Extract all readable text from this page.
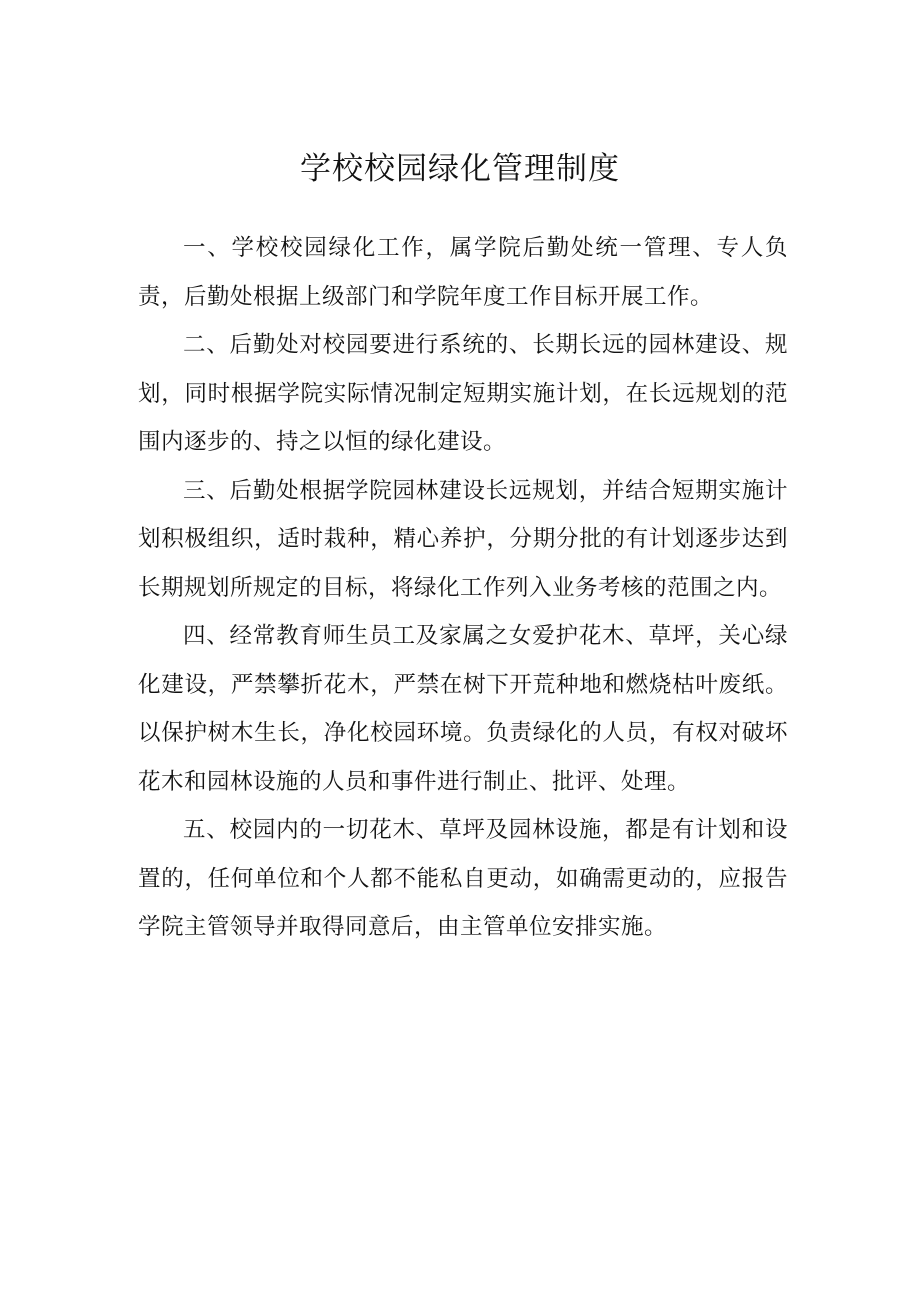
学校校园绿化管理制度

一、学校校园绿化工作，属学院后勤处统一管理、专人负责，后勤处根据上级部门和学院年度工作目标开展工作。

二、后勤处对校园要进行系统的、长期长远的园林建设、规划，同时根据学院实际情况制定短期实施计划，在长远规划的范围内逐步的、持之以恒的绿化建设。

三、后勤处根据学院园林建设长远规划，并结合短期实施计划积极组织，适时栽种，精心养护，分期分批的有计划逐步达到长期规划所规定的目标，将绿化工作列入业务考核的范围之内。

四、经常教育师生员工及家属之女爱护花木、草坪，关心绿化建设，严禁攀折花木，严禁在树下开荒种地和燃烧枯叶废纸。以保护树木生长，净化校园环境。负责绿化的人员，有权对破坏花木和园林设施的人员和事件进行制止、批评、处理。

五、校园内的一切花木、草坪及园林设施，都是有计划和设置的，任何单位和个人都不能私自更动，如确需更动的，应报告学院主管领导并取得同意后，由主管单位安排实施。
